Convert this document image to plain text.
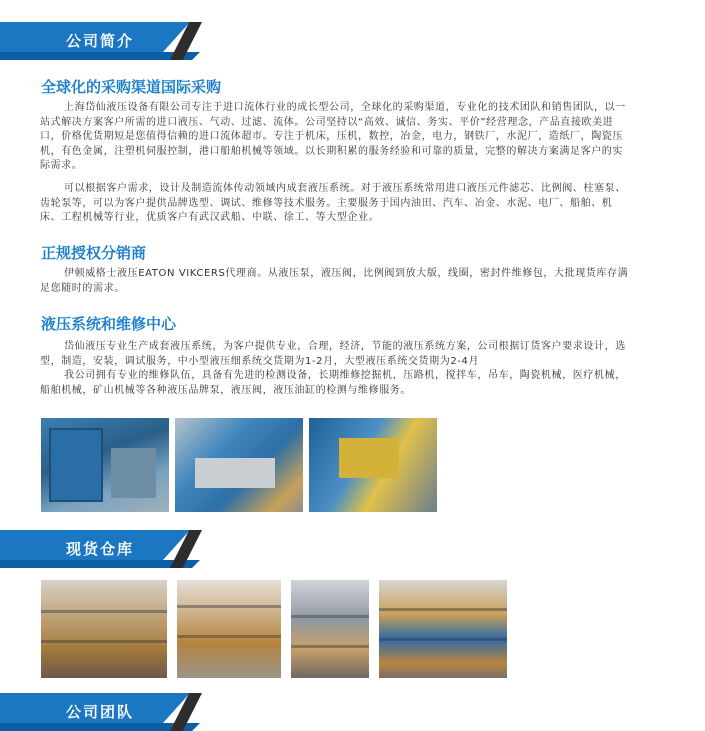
公司简介
全球化的采购渠道国际采购

上海岱仙液压设备有限公司专注于进口流体行业的成长型公司，全球化的采购渠道，专业化的技术团队和销售团队，以一站式解决方案客户所需的进口液压、气动、过滤、流体。公司坚持以“高效、诚信、务实、平价”经营理念，产品直接欧美进口，价格优货期短是您值得信赖的进口流体超市。专注于机床，压机，数控，冶金，电力，钢铁厂，水泥厂，造纸厂，陶瓷压机，有色金属，注塑机伺服控制，港口船舶机械等领域。以长期积累的服务经验和可靠的质量，完整的解决方案满足客户的实际需求。

可以根据客户需求，设计及制造流体传动领域内成套液压系统。对于液压系统常用进口液压元件滤芯、比例阀、柱塞泵、齿轮泵等，可以为客户提供品牌选型、调试、维修等技术服务。主要服务于国内油田、汽车、冶金、水泥、电厂、船舶、机床、工程机械等行业，优质客户有武汉武船、中联、徐工、等大型企业。

正规授权分销商

伊顿威格士液压EATON VIKCERS代理商。从液压泵，液压阀，比例阀到放大版，线圈，密封件维修包，大批现货库存满足您随时的需求。

液压系统和维修中心

岱仙液压专业生产成套液压系统，为客户提供专业，合理，经济，节能的液压系统方案，公司根据订货客户要求设计，选型，制造，安装，调试服务，中小型液压细系统交货期为1-2月，大型液压系统交货期为2-4月

我公司拥有专业的维修队伍，具备有先进的检测设备，长期维修挖掘机，压路机，搅拌车，吊车，陶瓷机械，医疗机械，船舶机械，矿山机械等各种液压品牌泵，液压阀，液压油缸的检测与维修服务。

现货仓库
公司团队
